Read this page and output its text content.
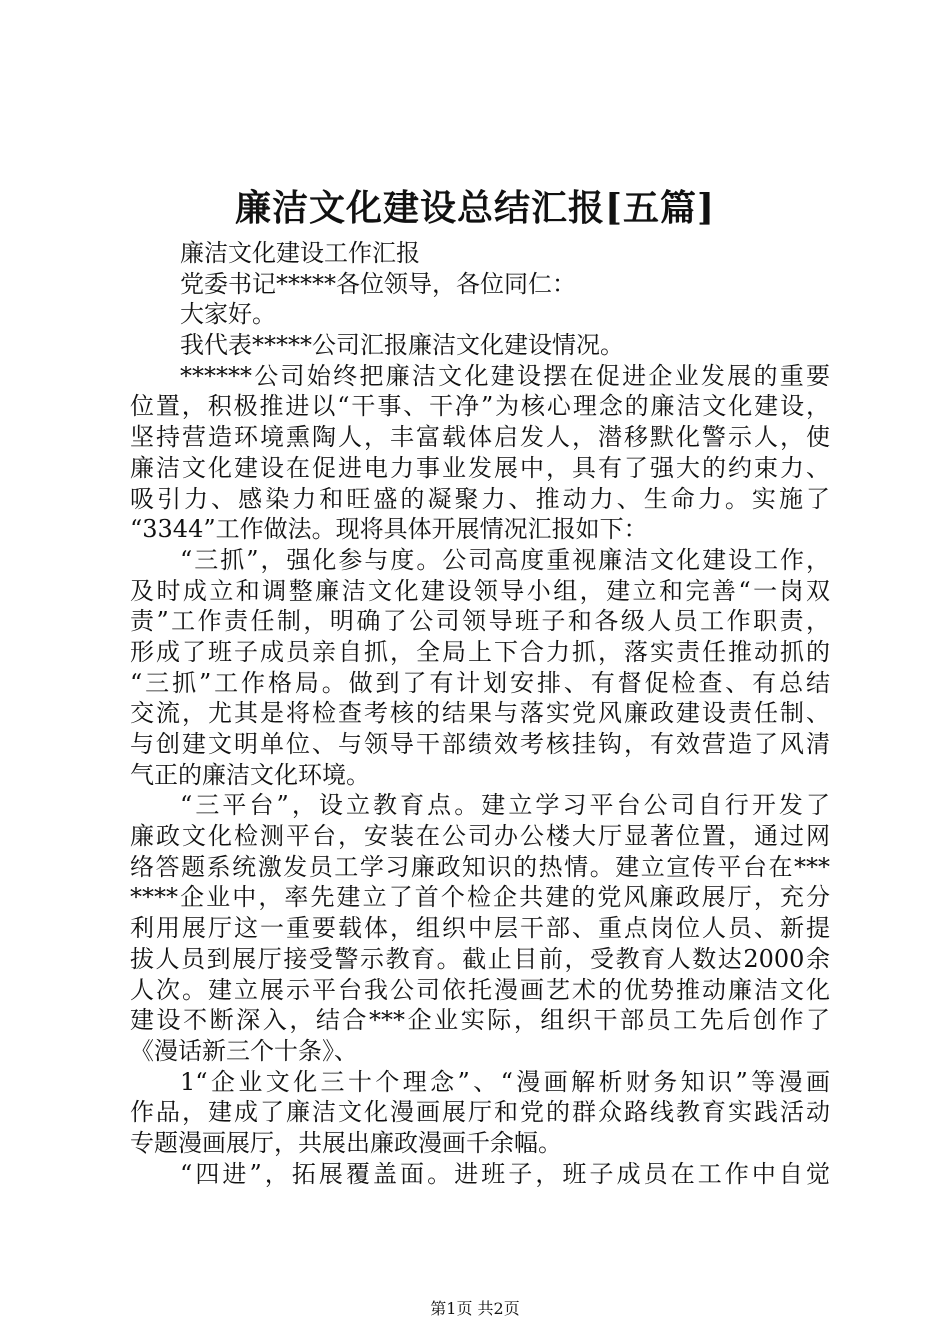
廉洁文化建设总结汇报[五篇]
廉洁文化建设工作汇报
党委书记*****各位领导，各位同仁：
大家好。
我代表*****公司汇报廉洁文化建设情况。
******公司始终把廉洁文化建设摆在促进企业发展的重要
位置，积极推进以“干事、干净”为核心理念的廉洁文化建设，
坚持营造环境熏陶人，丰富载体启发人，潜移默化警示人，使
廉洁文化建设在促进电力事业发展中，具有了强大的约束力、
吸引力、感染力和旺盛的凝聚力、推动力、生命力。实施了
“3344”工作做法。现将具体开展情况汇报如下：
“三抓”，强化参与度。公司高度重视廉洁文化建设工作，
及时成立和调整廉洁文化建设领导小组，建立和完善“一岗双
责”工作责任制，明确了公司领导班子和各级人员工作职责，
形成了班子成员亲自抓，全局上下合力抓，落实责任推动抓的
“三抓”工作格局。做到了有计划安排、有督促检查、有总结
交流，尤其是将检查考核的结果与落实党风廉政建设责任制、
与创建文明单位、与领导干部绩效考核挂钩，有效营造了风清
气正的廉洁文化环境。
“三平台”，设立教育点。建立学习平台公司自行开发了
廉政文化检测平台，安装在公司办公楼大厅显著位置，通过网
络答题系统激发员工学习廉政知识的热情。建立宣传平台在***
****企业中，率先建立了首个检企共建的党风廉政展厅，充分
利用展厅这一重要载体，组织中层干部、重点岗位人员、新提
拔人员到展厅接受警示教育。截止目前，受教育人数达2000余
人次。建立展示平台我公司依托漫画艺术的优势推动廉洁文化
建设不断深入，结合***企业实际，组织干部员工先后创作了
《漫话新三个十条》、
1“企业文化三十个理念”、“漫画解析财务知识”等漫画
作品，建成了廉洁文化漫画展厅和党的群众路线教育实践活动
专题漫画展厅，共展出廉政漫画千余幅。
“四进”，拓展覆盖面。进班子，班子成员在工作中自觉
第1页 共2页
